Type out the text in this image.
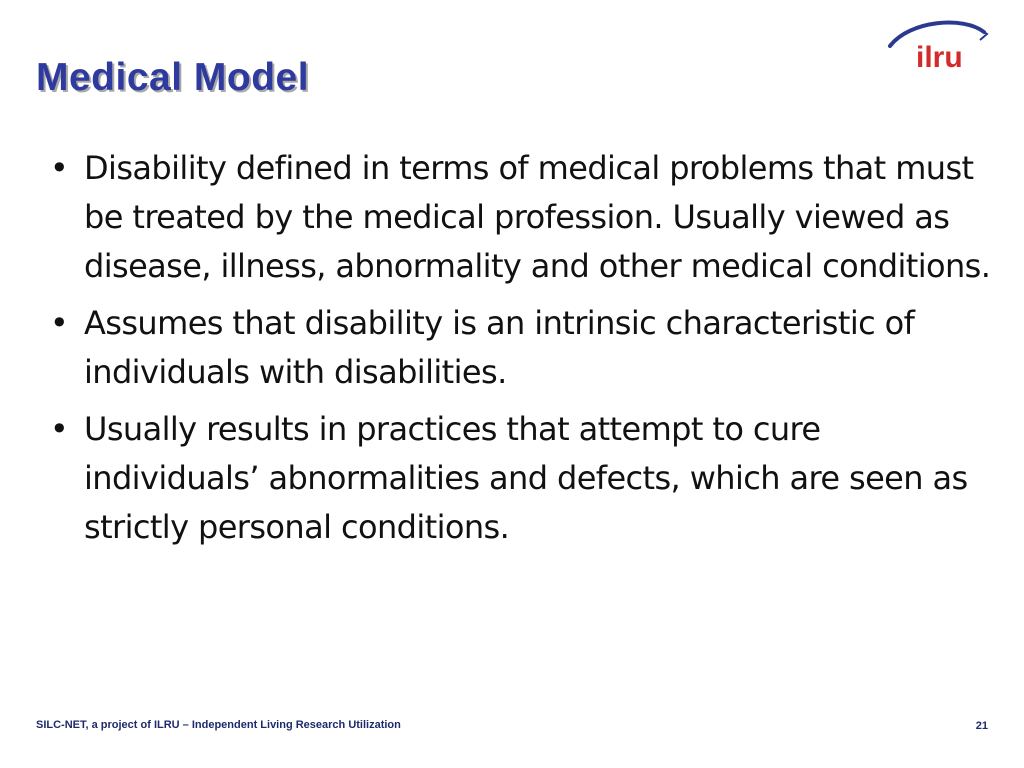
Medical Model	ilru
• Disability defined in terms of medical problems that must be treated by the medical profession. Usually viewed as disease, illness, abnormality and other medical conditions.
• Assumes that disability is an intrinsic characteristic of individuals with disabilities.
• Usually results in practices that attempt to cure individuals’ abnormalities and defects, which are seen as strictly personal conditions.
SILC-NET, a project of ILRU – Independent Living Research Utilization	21
